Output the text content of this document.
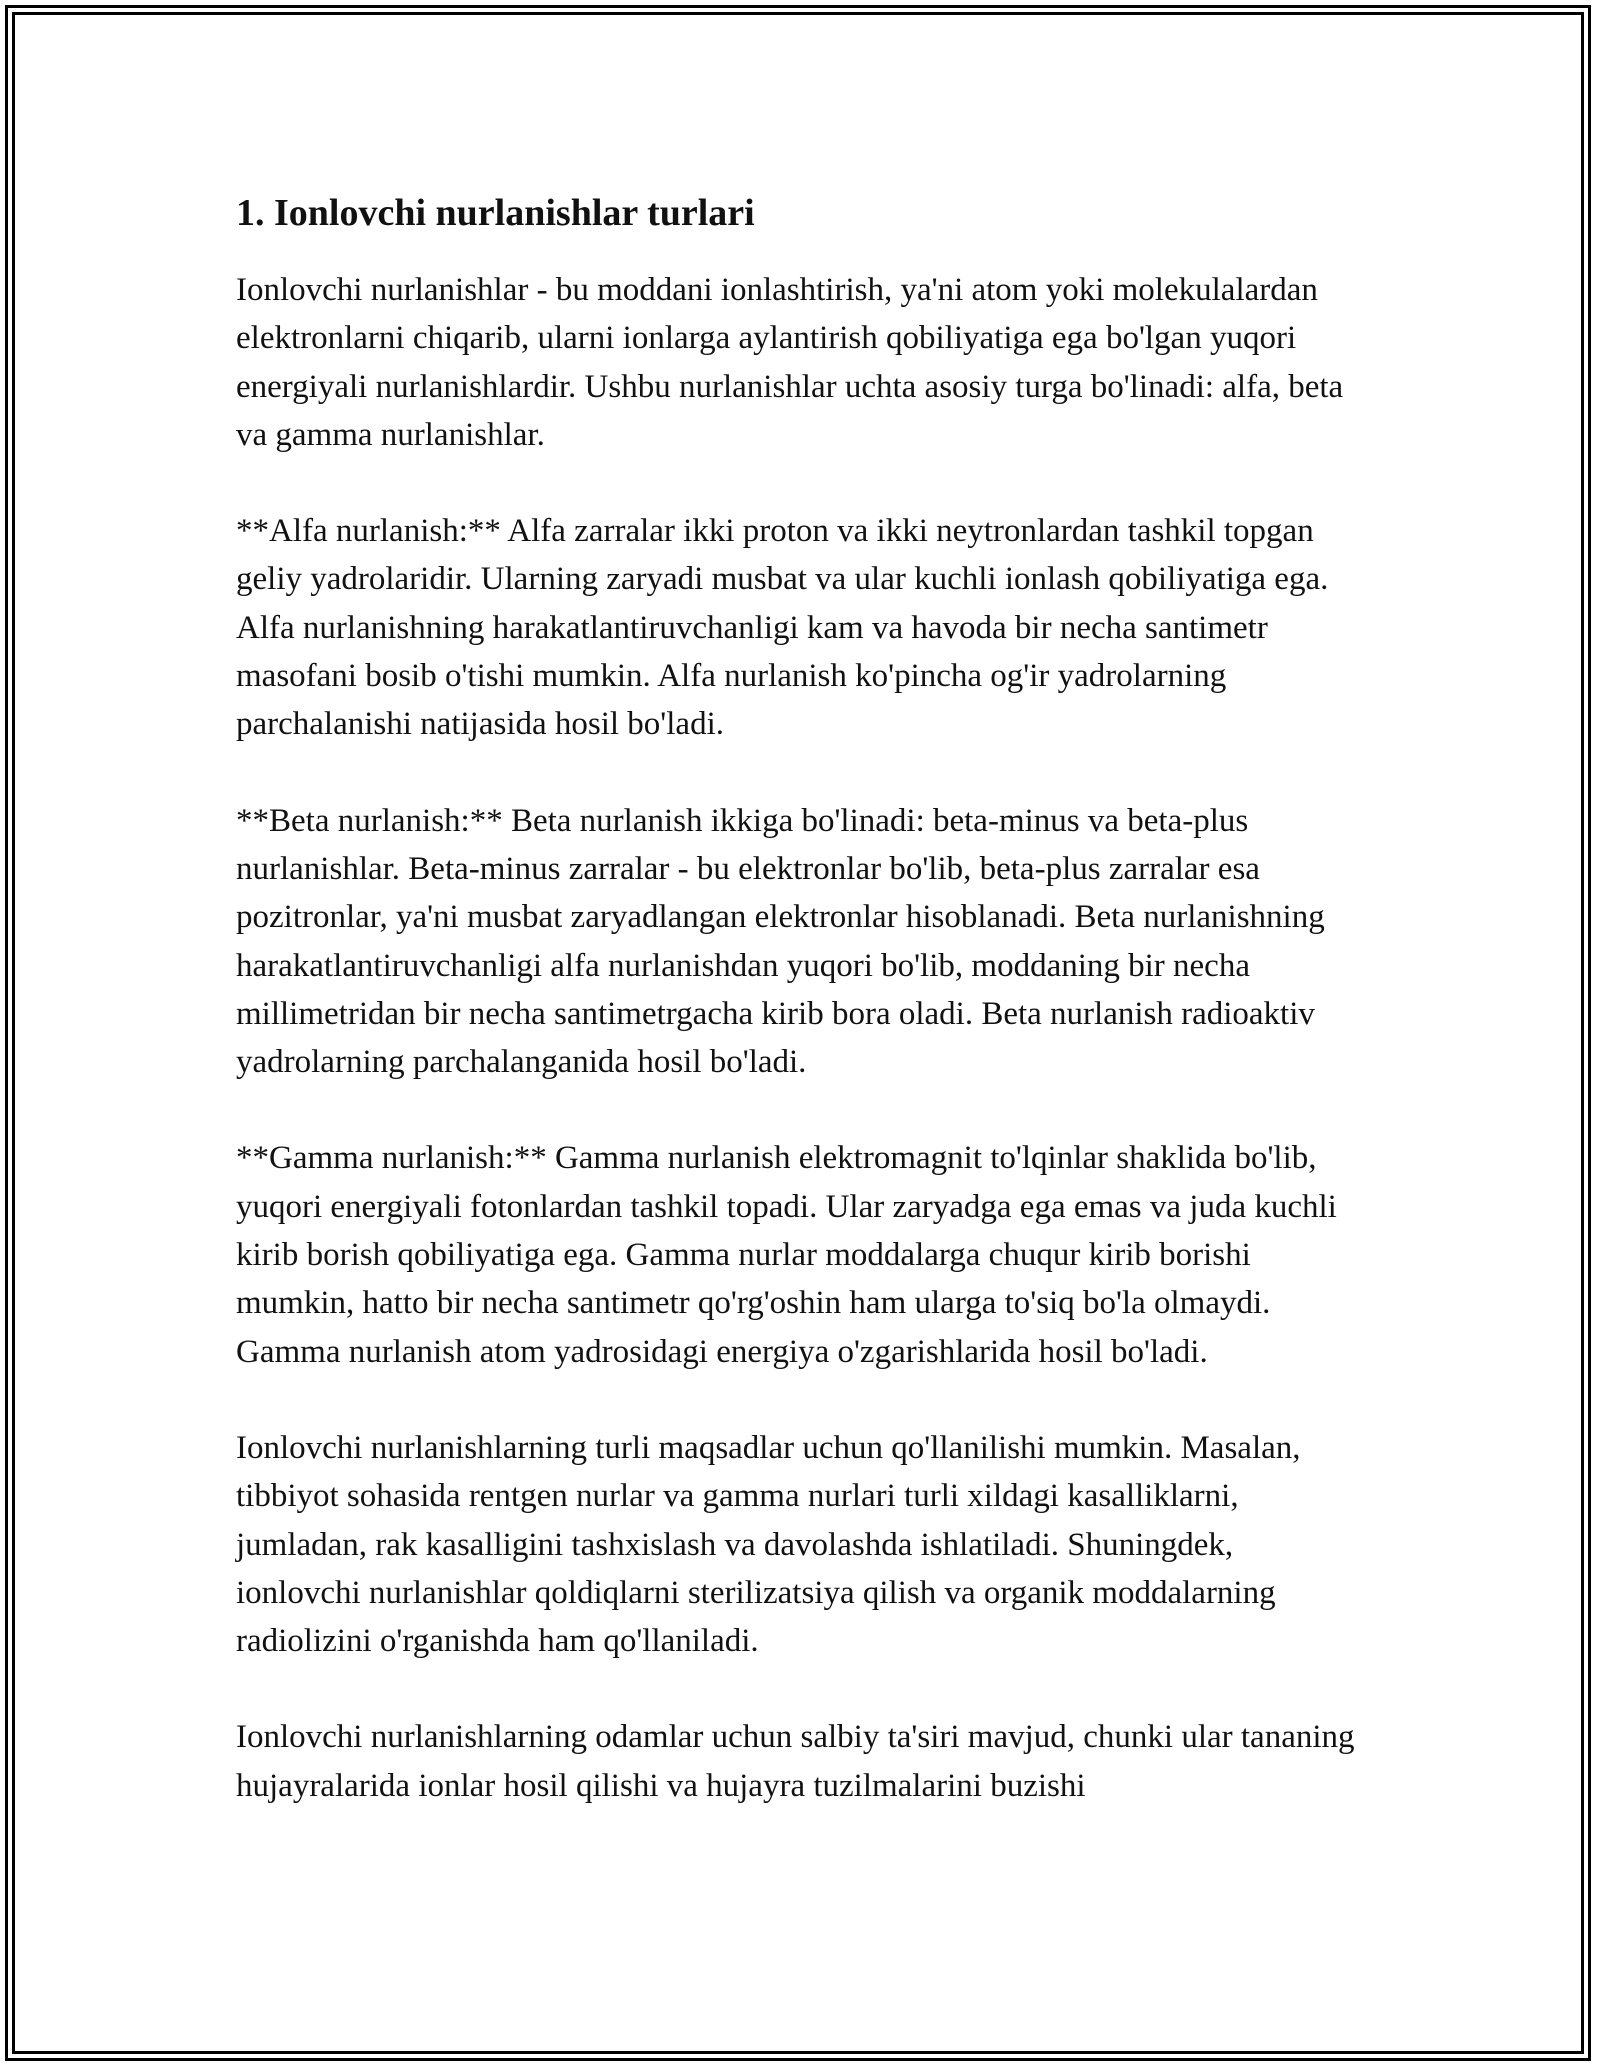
1. Ionlovchi nurlanishlar turlari

Ionlovchi nurlanishlar - bu moddani ionlashtirish, ya'ni atom yoki molekulalardan elektronlarni chiqarib, ularni ionlarga aylantirish qobiliyatiga ega bo'lgan yuqori energiyali nurlanishlardir. Ushbu nurlanishlar uchta asosiy turga bo'linadi: alfa, beta va gamma nurlanishlar.

**Alfa nurlanish:** Alfa zarralar ikki proton va ikki neytronlardan tashkil topgan geliy yadrolaridir. Ularning zaryadi musbat va ular kuchli ionlash qobiliyatiga ega. Alfa nurlanishning harakatlantiruvchanligi kam va havoda bir necha santimetr masofani bosib o'tishi mumkin. Alfa nurlanish ko'pincha og'ir yadrolarning parchalanishi natijasida hosil bo'ladi.

**Beta nurlanish:** Beta nurlanish ikkiga bo'linadi: beta-minus va beta-plus nurlanishlar. Beta-minus zarralar - bu elektronlar bo'lib, beta-plus zarralar esa pozitronlar, ya'ni musbat zaryadlangan elektronlar hisoblanadi. Beta nurlanishning harakatlantiruvchanligi alfa nurlanishdan yuqori bo'lib, moddaning bir necha millimetridan bir necha santimetrgacha kirib bora oladi. Beta nurlanish radioaktiv yadrolarning parchalanganida hosil bo'ladi.

**Gamma nurlanish:** Gamma nurlanish elektromagnit to'lqinlar shaklida bo'lib, yuqori energiyali fotonlardan tashkil topadi. Ular zaryadga ega emas va juda kuchli kirib borish qobiliyatiga ega. Gamma nurlar moddalarga chuqur kirib borishi mumkin, hatto bir necha santimetr qo'rg'oshin ham ularga to'siq bo'la olmaydi. Gamma nurlanish atom yadrosidagi energiya o'zgarishlarida hosil bo'ladi.

Ionlovchi nurlanishlarning turli maqsadlar uchun qo'llanilishi mumkin. Masalan, tibbiyot sohasida rentgen nurlar va gamma nurlari turli xildagi kasalliklarni, jumladan, rak kasalligini tashxislash va davolashda ishlatiladi. Shuningdek, ionlovchi nurlanishlar qoldiqlarni sterilizatsiya qilish va organik moddalarning radiolizini o'rganishda ham qo'llaniladi.

Ionlovchi nurlanishlarning odamlar uchun salbiy ta'siri mavjud, chunki ular tananing hujayralarida ionlar hosil qilishi va hujayra tuzilmalarini buzishi
